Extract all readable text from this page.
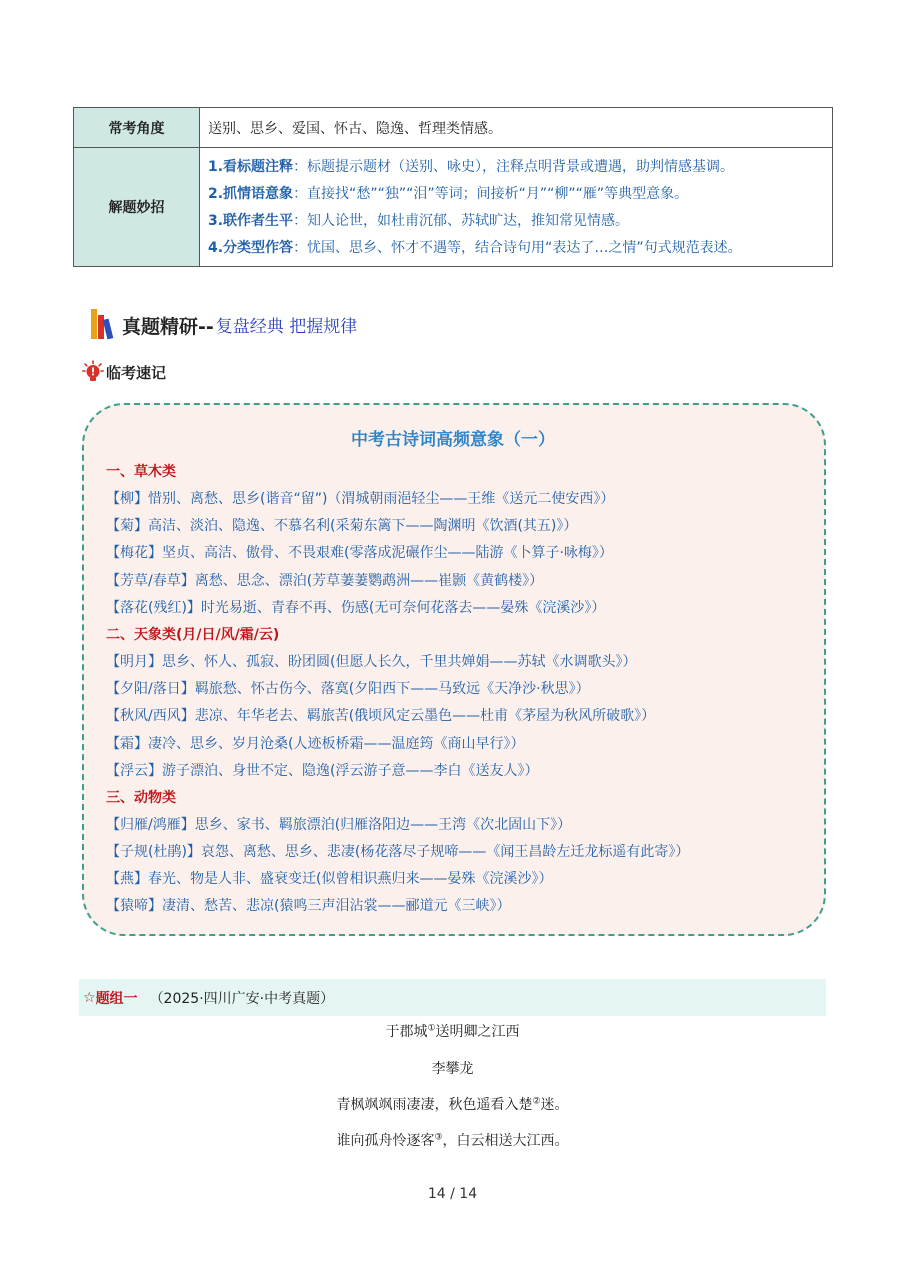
常考角度	送别、思乡、爱国、怀古、隐逸、哲理类情感。
解题妙招	1.看标题注释：标题提示题材（送别、咏史），注释点明背景或遭遇，助判情感基调。
2.抓情语意象：直接找“愁”“独”“泪”等词；间接析“月”“柳”“雁”等典型意象。
3.联作者生平：知人论世，如杜甫沉郁、苏轼旷达，推知常见情感。
4.分类型作答：忧国、思乡、怀才不遇等，结合诗句用“表达了…之情”句式规范表述。
真题精研 -- 复盘经典 把握规律
临考速记
中考古诗词高频意象（一）
一、草木类
【柳】惜别、离愁、思乡(谐音“留”)（渭城朝雨浥轻尘——王维《送元二使安西》）
【菊】高洁、淡泊、隐逸、不慕名利(采菊东篱下——陶渊明《饮酒(其五)》）
【梅花】坚贞、高洁、傲骨、不畏艰难(零落成泥碾作尘——陆游《卜算子·咏梅》）
【芳草/春草】离愁、思念、漂泊(芳草萋萋鹦鹉洲——崔颢《黄鹤楼》）
【落花(残红)】时光易逝、青春不再、伤感(无可奈何花落去——晏殊《浣溪沙》）
二、天象类(月/日/风/霜/云)
【明月】思乡、怀人、孤寂、盼团圆(但愿人长久，千里共婵娟——苏轼《水调歌头》）
【夕阳/落日】羁旅愁、怀古伤今、落寞(夕阳西下——马致远《天净沙·秋思》）
【秋风/西风】悲凉、年华老去、羁旅苦(俄顷风定云墨色——杜甫《茅屋为秋风所破歌》）
【霜】凄冷、思乡、岁月沧桑(人迹板桥霜——温庭筠《商山早行》）
【浮云】游子漂泊、身世不定、隐逸(浮云游子意——李白《送友人》）
三、动物类
【归雁/鸿雁】思乡、家书、羁旅漂泊(归雁洛阳边——王湾《次北固山下》）
【子规(杜鹃)】哀怨、离愁、思乡、悲凄(杨花落尽子规啼——《闻王昌龄左迁龙标遥有此寄》）
【燕】春光、物是人非、盛衰变迁(似曾相识燕归来——晏殊《浣溪沙》）
【猿啼】凄清、愁苦、悲凉(猿鸣三声泪沾裳——郦道元《三峡》）
☆ 题组一 （2025·四川广安·中考真题）
于郡城①送明卿之江西
李攀龙
青枫飒飒雨凄凄，秋色遥看入楚②迷。
谁向孤舟怜逐客③，白云相送大江西。
14 / 14
